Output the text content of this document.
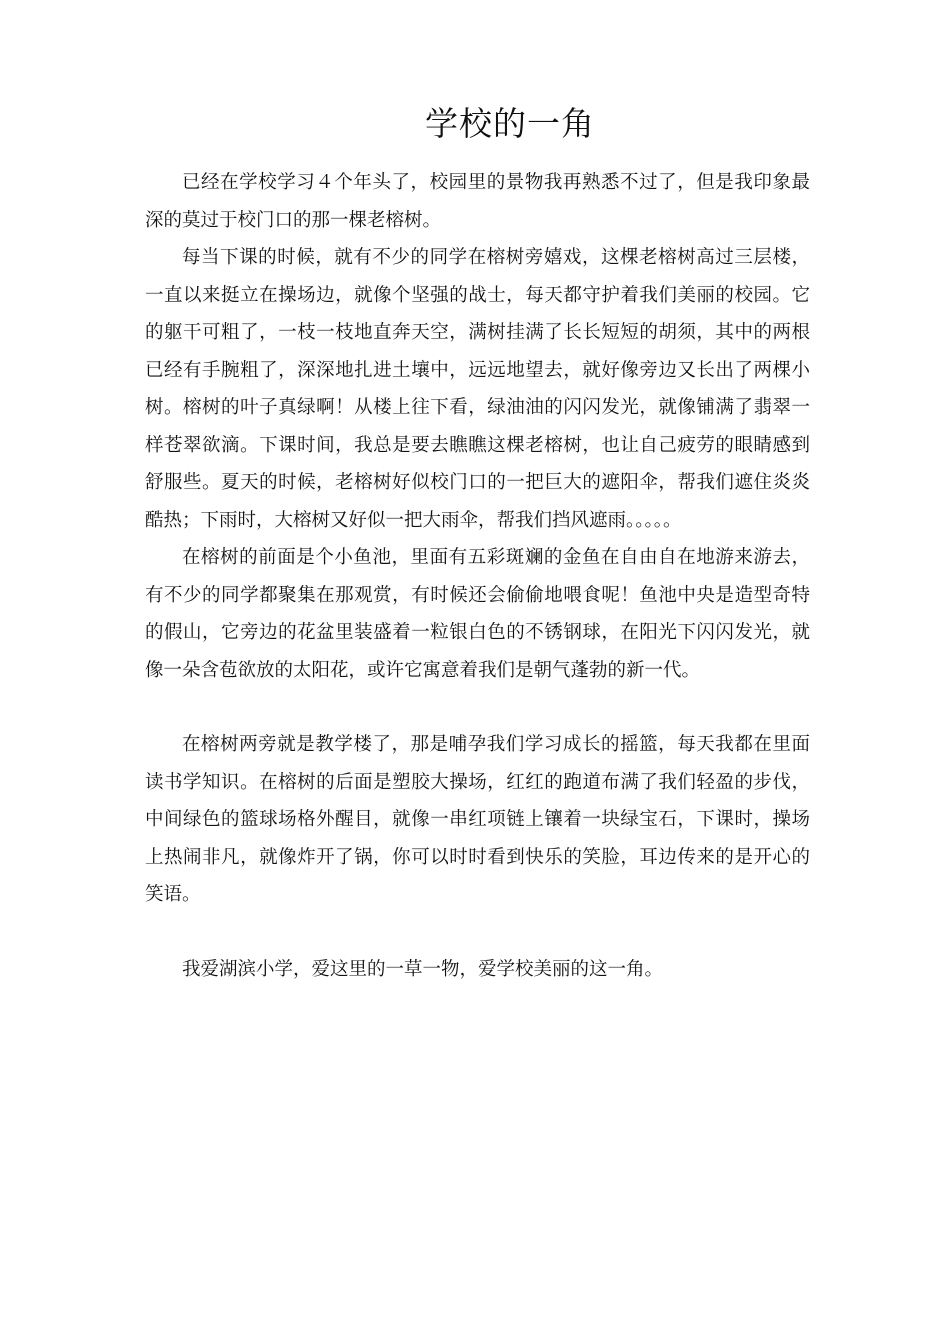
学校的一角

已经在学校学习４个年头了，校园里的景物我再熟悉不过了，但是我印象最深的莫过于校门口的那一棵老榕树。

每当下课的时候，就有不少的同学在榕树旁嬉戏，这棵老榕树高过三层楼，一直以来挺立在操场边，就像个坚强的战士，每天都守护着我们美丽的校园。它的躯干可粗了，一枝一枝地直奔天空，满树挂满了长长短短的胡须，其中的两根已经有手腕粗了，深深地扎进土壤中，远远地望去，就好像旁边又长出了两棵小树。榕树的叶子真绿啊！从楼上往下看，绿油油的闪闪发光，就像铺满了翡翠一样苍翠欲滴。下课时间，我总是要去瞧瞧这棵老榕树，也让自己疲劳的眼睛感到舒服些。夏天的时候，老榕树好似校门口的一把巨大的遮阳伞，帮我们遮住炎炎酷热；下雨时，大榕树又好似一把大雨伞，帮我们挡风遮雨。。。。。

在榕树的前面是个小鱼池，里面有五彩斑斓的金鱼在自由自在地游来游去，有不少的同学都聚集在那观赏，有时候还会偷偷地喂食呢！鱼池中央是造型奇特的假山，它旁边的花盆里装盛着一粒银白色的不锈钢球，在阳光下闪闪发光，就像一朵含苞欲放的太阳花，或许它寓意着我们是朝气蓬勃的新一代。

在榕树两旁就是教学楼了，那是哺孕我们学习成长的摇篮，每天我都在里面读书学知识。在榕树的后面是塑胶大操场，红红的跑道布满了我们轻盈的步伐，中间绿色的篮球场格外醒目，就像一串红项链上镶着一块绿宝石，下课时，操场上热闹非凡，就像炸开了锅，你可以时时看到快乐的笑脸，耳边传来的是开心的笑语。

我爱湖滨小学，爱这里的一草一物，爱学校美丽的这一角。
